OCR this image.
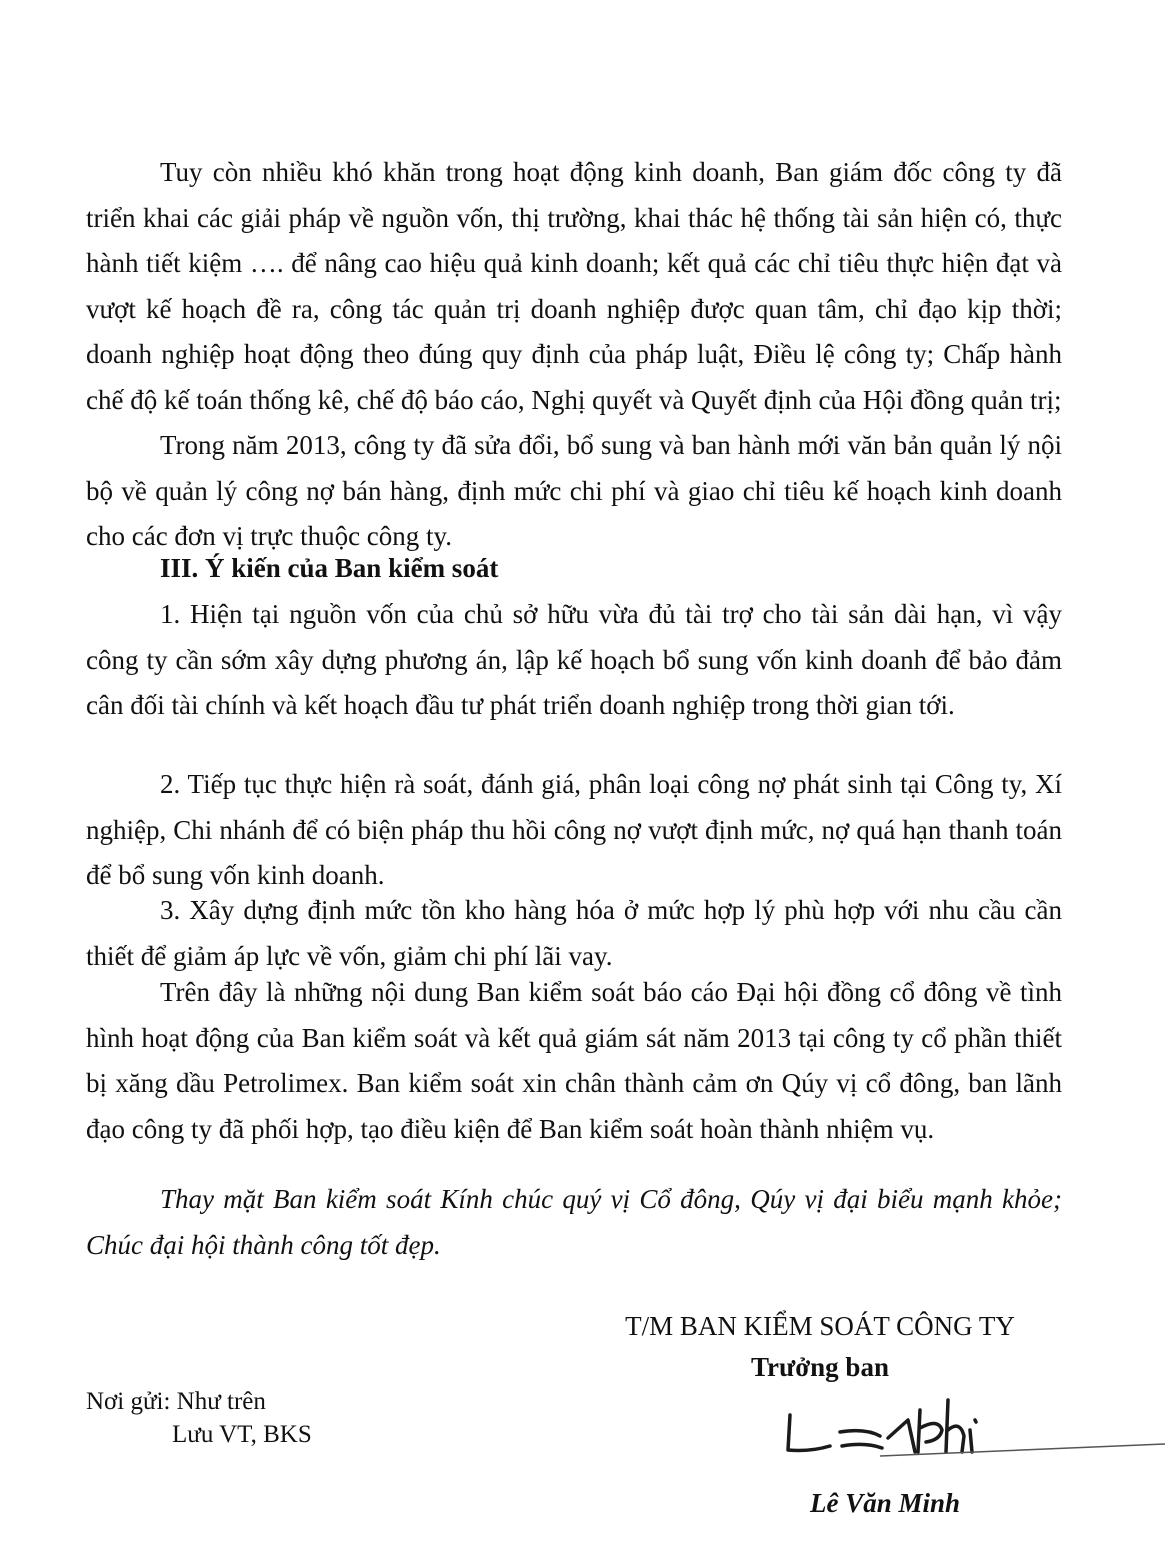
Tuy còn nhiều khó khăn trong hoạt động kinh doanh, Ban giám đốc công ty đã triển khai các giải pháp về nguồn vốn, thị trường, khai thác hệ thống tài sản hiện có, thực hành tiết kiệm …. để nâng cao hiệu quả kinh doanh; kết quả các chỉ tiêu thực hiện đạt và vượt kế hoạch đề ra, công tác quản trị doanh nghiệp được quan tâm, chỉ đạo kịp thời; doanh nghiệp hoạt động theo đúng quy định của pháp luật, Điều lệ công ty; Chấp hành chế độ kế toán thống kê, chế độ báo cáo, Nghị quyết và Quyết định của Hội đồng quản trị;

Trong năm 2013, công ty đã sửa đổi, bổ sung và ban hành mới văn bản quản lý nội bộ về quản lý công nợ bán hàng, định mức chi phí và giao chỉ tiêu kế hoạch kinh doanh cho các đơn vị trực thuộc công ty.

III. Ý kiến của Ban kiểm soát

1. Hiện tại nguồn vốn của chủ sở hữu vừa đủ tài trợ cho tài sản dài hạn, vì vậy công ty cần sớm xây dựng phương án, lập kế hoạch bổ sung vốn kinh doanh để bảo đảm cân đối tài chính và kết hoạch đầu tư phát triển doanh nghiệp trong thời gian tới.

2. Tiếp tục thực hiện rà soát, đánh giá, phân loại công nợ phát sinh tại Công ty, Xí nghiệp, Chi nhánh để có biện pháp thu hồi công nợ vượt định mức, nợ quá hạn thanh toán để bổ sung vốn kinh doanh.

3. Xây dựng định mức tồn kho hàng hóa ở mức hợp lý phù hợp với nhu cầu cần thiết để giảm áp lực về vốn, giảm chi phí lãi vay.

Trên đây là những nội dung Ban kiểm soát báo cáo Đại hội đồng cổ đông về tình hình hoạt động của Ban kiểm soát và kết quả giám sát năm 2013 tại công ty cổ phần thiết bị xăng dầu Petrolimex. Ban kiểm soát xin chân thành cảm ơn Qúy vị cổ đông, ban lãnh đạo công ty đã phối hợp, tạo điều kiện để Ban kiểm soát hoàn thành nhiệm vụ.

Thay mặt Ban kiểm soát Kính chúc quý vị Cổ đông, Qúy vị đại biểu mạnh khỏe; Chúc đại hội thành công tốt đẹp.

T/M BAN KIỂM SOÁT CÔNG TY
Trưởng ban
Nơi gửi: Như trên
Lưu VT, BKS
Lê Văn Minh
